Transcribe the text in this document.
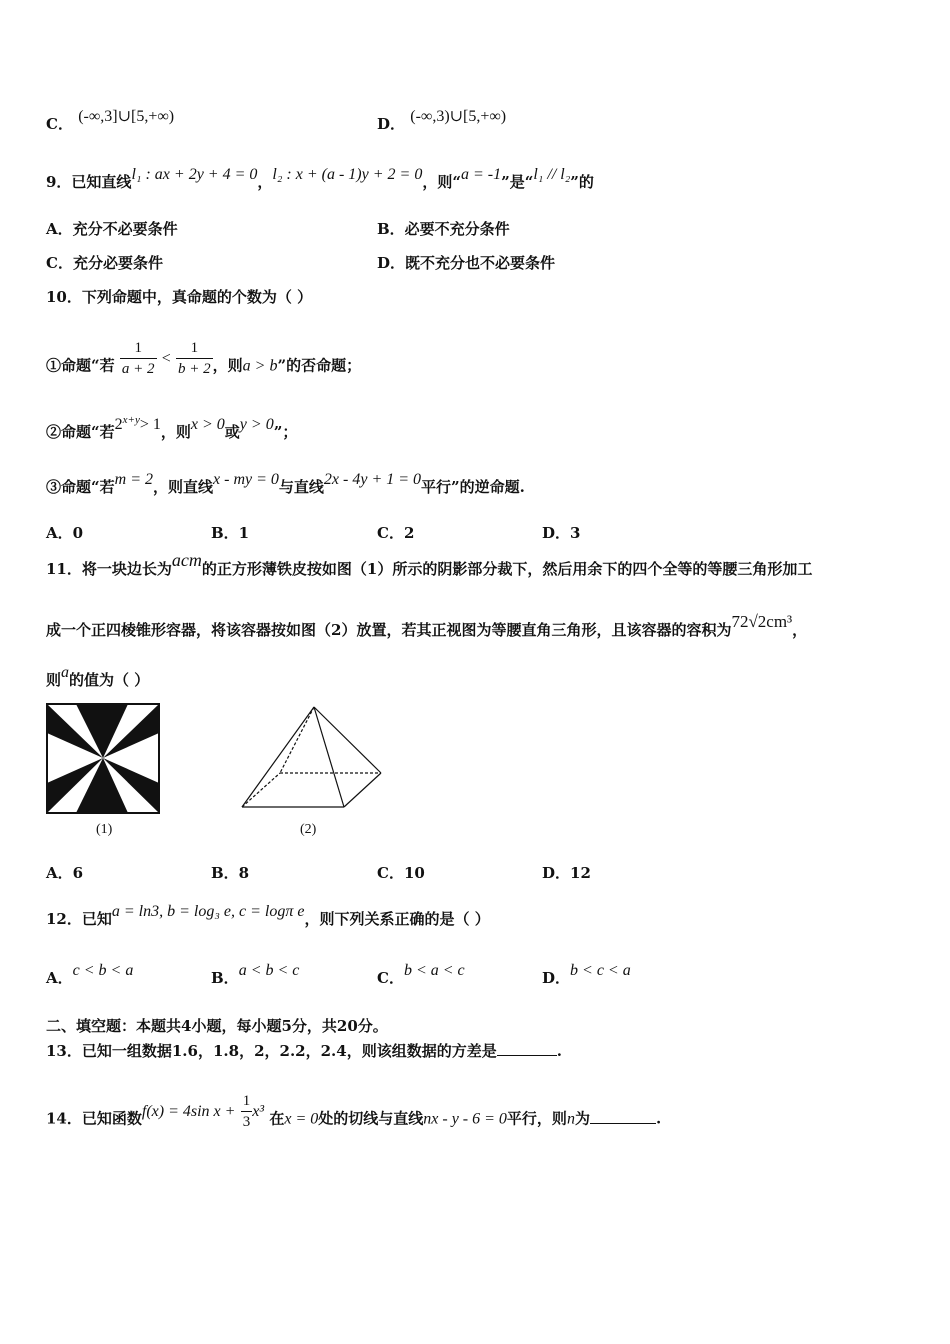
C． (-∞,3]∪[5,+∞)	D． (-∞,3)∪[5,+∞)
9．已知直线l₁ : ax + 2y + 4 = 0，l₂ : x + (a - 1)y + 2 = 0，则“a = -1”是“l₁ // l₂”的
A．充分不必要条件	B．必要不充分条件
C．充分必要条件	D．既不充分也不必要条件
10．下列命题中，真命题的个数为（ ）
①命题“若 $\frac{1}{a + 2} < \frac{1}{b + 2}$ ，则a > b”的否命题；
②命题“若$2^{x+y}> 1$，则x > 0或y > 0”；
③命题“若m = 2，则直线x - my = 0与直线2x - 4y + 1 = 0平行”的逆命题.
A．0	B．1	C．2	D．3
11．将一块边长为acm的正方形薄铁皮按如图（1）所示的阴影部分裁下，然后用余下的四个全等的等腰三角形加工
成一个正四棱锥形容器，将该容器按如图（2）放置，若其正视图为等腰直角三角形，且该容器的容积为72√2cm³，
则a的值为（ ）
(1)	(2)
A．6	B．8	C．10	D．12
12．已知a = ln3, b = log₃ e, c = logπ e，则下列关系正确的是（ ）
A．c < b < a	B．a < b < c	C．b < a < c	D．b < c < a
二、填空题：本题共4小题，每小题5分，共20分。
13．已知一组数据1.6，1.8，2，2.2，2.4，则该组数据的方差是	.
14．已知函数f(x) = 4sin $x + \frac{1}{3} x^3$ 在x = 0处的切线与直线nx - y - 6 = 0平行，则n为	.
